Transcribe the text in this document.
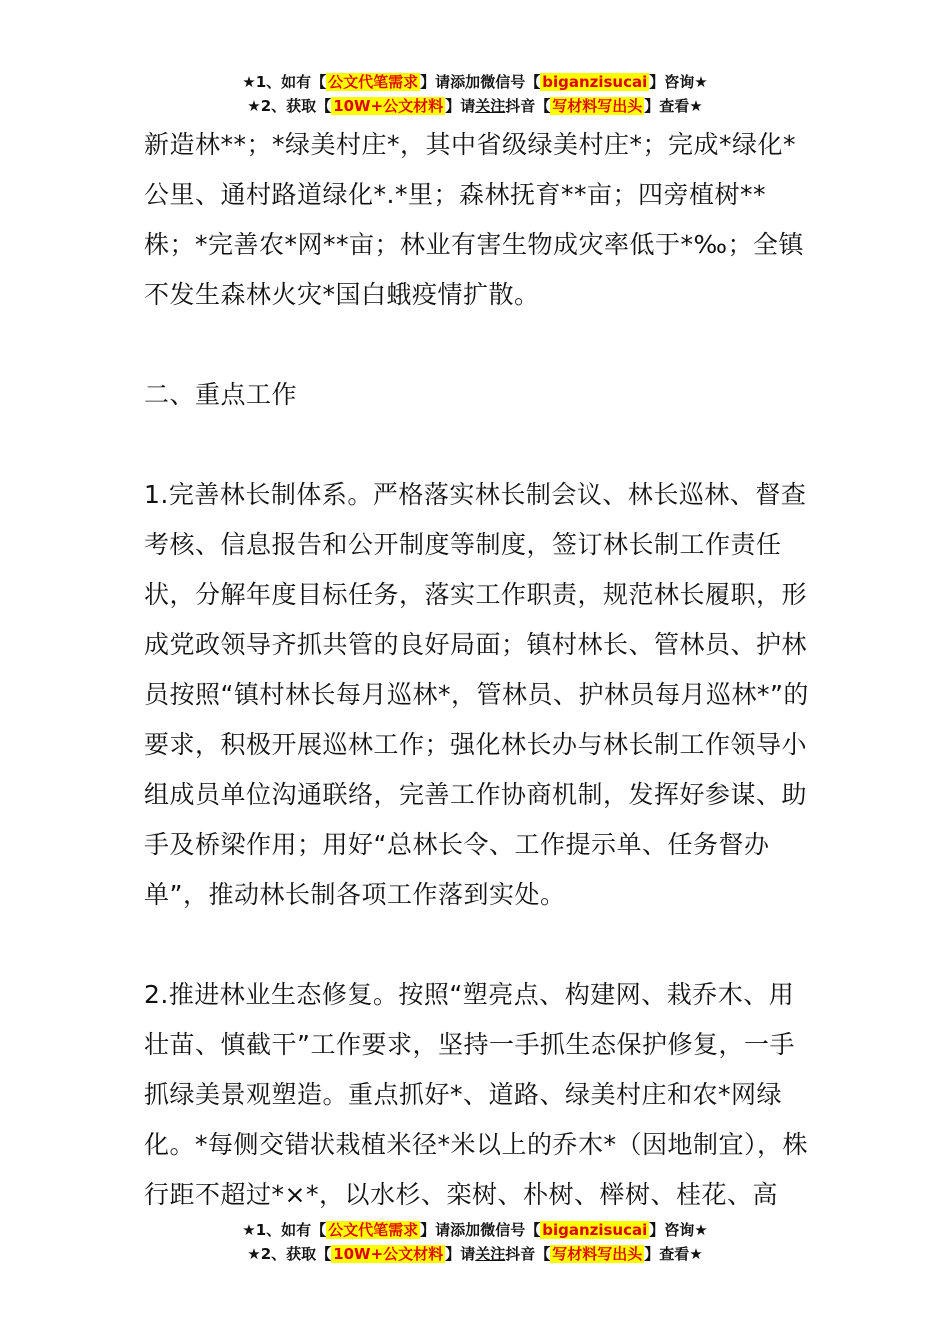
★1、如有【 公文代笔需求 】请添加微信号【 biganzisucai 】咨询★
★2、获取【 10W+公文材料 】请关注抖音【 写材料写出头 】查看★

新造林**；*绿美村庄*，其中省级绿美村庄*；完成*绿化*公里、通村路道绿化*.*里；森林抚育**亩；四旁植树**株；*完善农*网**亩；林业有害生物成灾率低于*‰；全镇不发生森林火灾*国白蛾疫情扩散。

二、重点工作

1.完善林长制体系。严格落实林长制会议、林长巡林、督查考核、信息报告和公开制度等制度，签订林长制工作责任状，分解年度目标任务，落实工作职责，规范林长履职，形成党政领导齐抓共管的良好局面；镇村林长、管林员、护林员按照“镇村林长每月巡林*，管林员、护林员每月巡林*”的要求，积极开展巡林工作；强化林长办与林长制工作领导小组成员单位沟通联络，完善工作协商机制，发挥好参谋、助手及桥梁作用；用好“总林长令、工作提示单、任务督办单”，推动林长制各项工作落到实处。

2.推进林业生态修复。按照“塑亮点、构建网、栽乔木、用壮苗、慎截干”工作要求，坚持一手抓生态保护修复，一手抓绿美景观塑造。重点抓好*、道路、绿美村庄和农*网绿化。*每侧交错状栽植米径*米以上的乔木*（因地制宜），株行距不超过*×*，以水杉、栾树、朴树、榉树、桂花、高

★1、如有【 公文代笔需求 】请添加微信号【 biganzisucai 】咨询★
★2、获取【 10W+公文材料 】请关注抖音【 写材料写出头 】查看★
